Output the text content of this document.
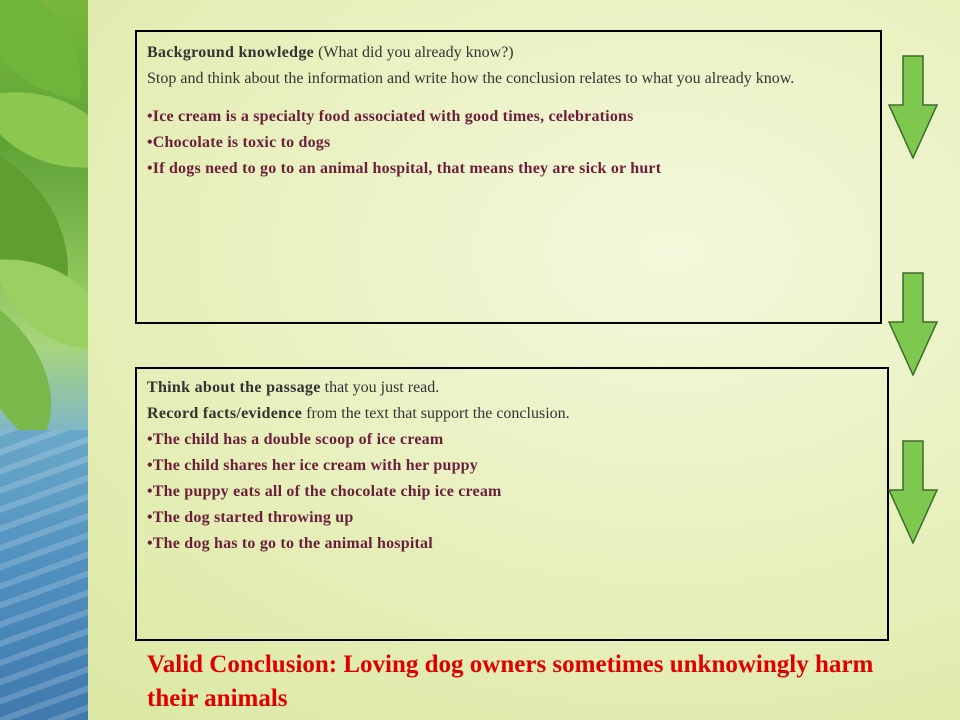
Background knowledge (What did you already know?)
Stop and think about the information and write how the conclusion relates to what you already know.
•Ice cream is a specialty food associated with good times, celebrations
•Chocolate is toxic to dogs
•If dogs need to go to an animal hospital, that means they are sick or hurt
Think about the passage that you just read.
Record facts/evidence from the text that support the conclusion.
•The child has a double scoop of ice cream
•The child shares her ice cream with her puppy
•The puppy eats all of the chocolate chip ice cream
•The dog started throwing up
•The dog has to go to the animal hospital
Valid Conclusion: Loving dog owners sometimes unknowingly harm their animals
